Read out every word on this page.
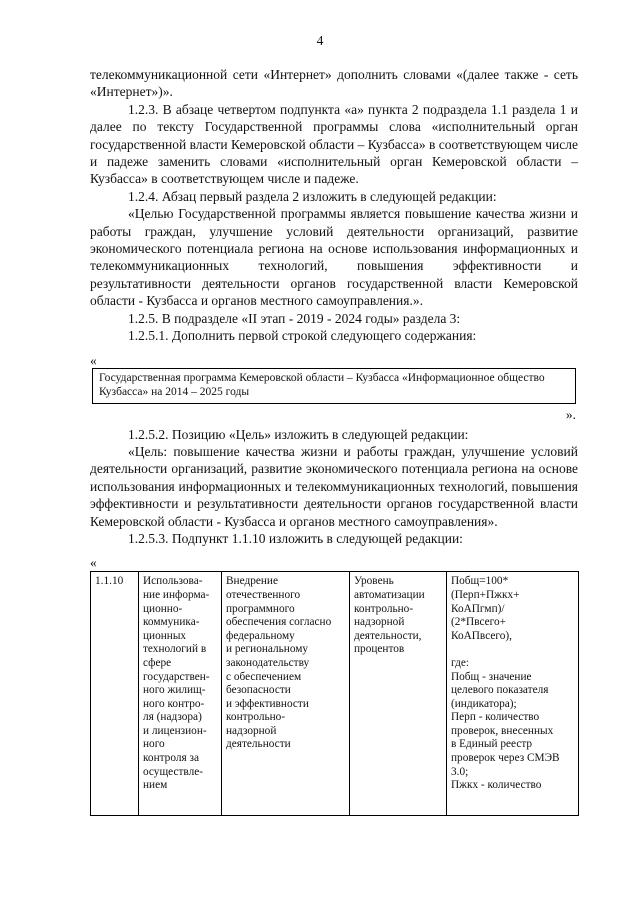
4

телекоммуникационной сети «Интернет» дополнить словами «(далее также - сеть «Интернет»)».

1.2.3. В абзаце четвертом подпункта «а» пункта 2 подраздела 1.1 раздела 1 и далее по тексту Государственной программы слова «исполнительный орган государственной власти Кемеровской области – Кузбасса» в соответствующем числе и падеже заменить словами «исполнительный орган Кемеровской области – Кузбасса» в соответствующем числе и падеже.

1.2.4. Абзац первый раздела 2 изложить в следующей редакции:

«Целью Государственной программы является повышение качества жизни и работы граждан, улучшение условий деятельности организаций, развитие экономического потенциала региона на основе использования информационных и телекоммуникационных технологий, повышения эффективности и результативности деятельности органов государственной власти Кемеровской области - Кузбасса и органов местного самоуправления.».

1.2.5. В подразделе «II этап - 2019 - 2024 годы» раздела 3:

1.2.5.1. Дополнить первой строкой следующего содержания:

«

Государственная программа Кемеровской области – Кузбасса «Информационное общество Кузбасса» на 2014 – 2025 годы

».

1.2.5.2. Позицию «Цель» изложить в следующей редакции:

«Цель: повышение качества жизни и работы граждан, улучшение условий деятельности организаций, развитие экономического потенциала региона на основе использования информационных и телекоммуникационных технологий, повышения эффективности и результативности деятельности органов государственной власти Кемеровской области - Кузбасса и органов местного самоуправления».

1.2.5.3. Подпункт 1.1.10 изложить в следующей редакции:

«

1.1.10	Использова-
ние информа-
ционно-
коммуника-
ционных
технологий в
сфере
государствен-
ного жилищ-
ного контро-
ля (надзора)
и лицензион-
ного
контроля за
осуществле-
нием	Внедрение
отечественного
программного
обеспечения согласно
федеральному
и региональному
законодательству
с обеспечением
безопасности
и эффективности
контрольно-
надзорной
деятельности	Уровень
автоматизации
контрольно-
надзорной
деятельности,
процентов	Побщ=100*
(Перп+Пжкх+
КоАПгмп)/
(2*Пвсего+
КоАПвсего),

где:
Побщ - значение
целевого показателя
(индикатора);
Перп - количество
проверок, внесенных
в Единый реестр
проверок через СМЭВ
3.0;
Пжкх - количество
